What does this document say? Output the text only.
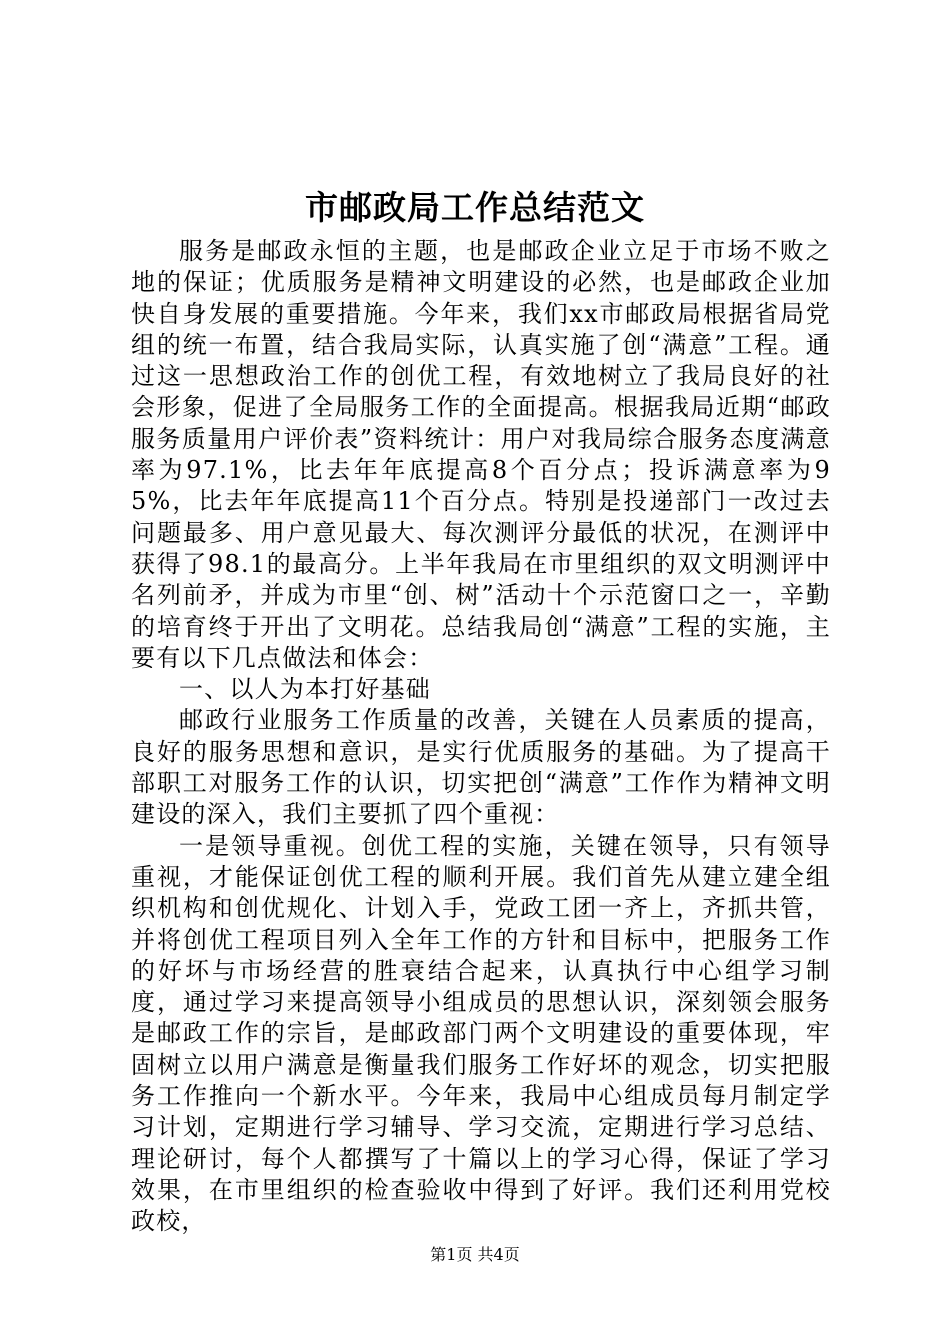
市邮政局工作总结范文

服务是邮政永恒的主题，也是邮政企业立足于市场不败之地的保证；优质服务是精神文明建设的必然，也是邮政企业加快自身发展的重要措施。今年来，我们xx市邮政局根据省局党组的统一布置，结合我局实际，认真实施了创“满意”工程。通过这一思想政治工作的创优工程，有效地树立了我局良好的社会形象，促进了全局服务工作的全面提高。根据我局近期“邮政服务质量用户评价表”资料统计：用户对我局综合服务态度满意率为97.1%，比去年年底提高8个百分点；投诉满意率为95%，比去年年底提高11个百分点。特别是投递部门一改过去问题最多、用户意见最大、每次测评分最低的状况，在测评中获得了98.1的最高分。上半年我局在市里组织的双文明测评中名列前矛，并成为市里“创、树”活动十个示范窗口之一，辛勤的培育终于开出了文明花。总结我局创“满意”工程的实施，主要有以下几点做法和体会：

一、以人为本打好基础

邮政行业服务工作质量的改善，关键在人员素质的提高，良好的服务思想和意识，是实行优质服务的基础。为了提高干部职工对服务工作的认识，切实把创“满意”工作作为精神文明建设的深入，我们主要抓了四个重视：

一是领导重视。创优工程的实施，关键在领导，只有领导重视，才能保证创优工程的顺利开展。我们首先从建立建全组织机构和创优规化、计划入手，党政工团一齐上，齐抓共管，并将创优工程项目列入全年工作的方针和目标中，把服务工作的好坏与市场经营的胜衰结合起来，认真执行中心组学习制度，通过学习来提高领导小组成员的思想认识，深刻领会服务是邮政工作的宗旨，是邮政部门两个文明建设的重要体现，牢固树立以用户满意是衡量我们服务工作好坏的观念，切实把服务工作推向一个新水平。今年来，我局中心组成员每月制定学习计划，定期进行学习辅导、学习交流，定期进行学习总结、理论研讨，每个人都撰写了十篇以上的学习心得，保证了学习效果，在市里组织的检查验收中得到了好评。我们还利用党校政校，

第1页 共4页
